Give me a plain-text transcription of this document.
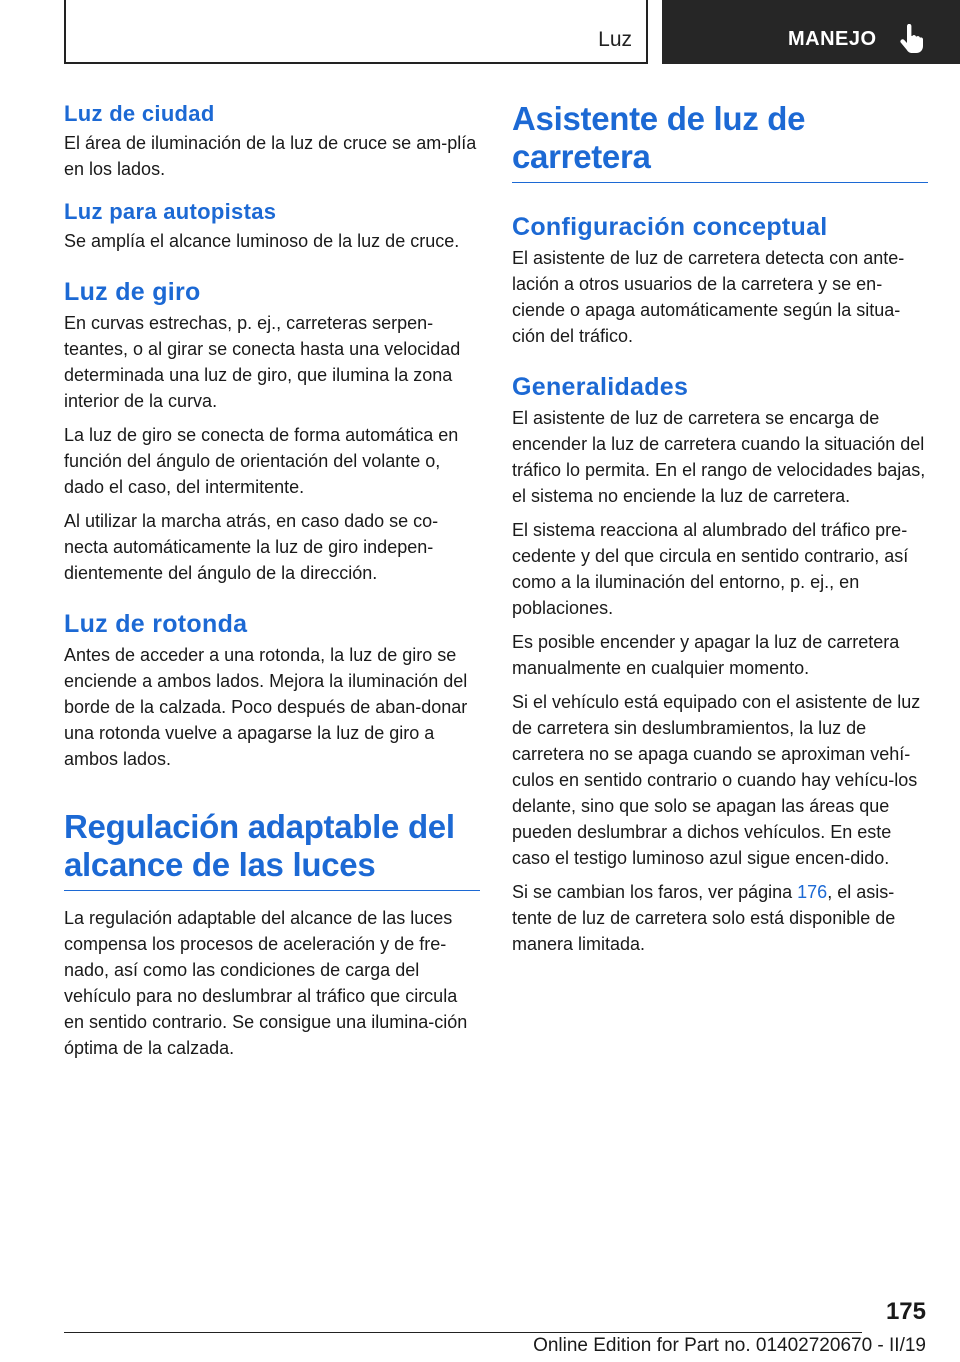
Luz	MANEJO
Luz de ciudad

El área de iluminación de la luz de cruce se am-plía en los lados.

Luz para autopistas

Se amplía el alcance luminoso de la luz de cruce.

Luz de giro

En curvas estrechas, p. ej., carreteras serpen-teantes, o al girar se conecta hasta una velocidad determinada una luz de giro, que ilumina la zona interior de la curva.

La luz de giro se conecta de forma automática en función del ángulo de orientación del volante o, dado el caso, del intermitente.

Al utilizar la marcha atrás, en caso dado se co-necta automáticamente la luz de giro indepen-dientemente del ángulo de la dirección.

Luz de rotonda

Antes de acceder a una rotonda, la luz de giro se enciende a ambos lados. Mejora la iluminación del borde de la calzada. Poco después de aban-donar una rotonda vuelve a apagarse la luz de giro a ambos lados.

Regulación adaptable del alcance de las luces

La regulación adaptable del alcance de las luces compensa los procesos de aceleración y de fre-nado, así como las condiciones de carga del vehículo para no deslumbrar al tráfico que circula en sentido contrario. Se consigue una ilumina-ción óptima de la calzada.

Asistente de luz de carretera
Configuración conceptual

El asistente de luz de carretera detecta con ante-lación a otros usuarios de la carretera y se en-ciende o apaga automáticamente según la situa-ción del tráfico.

Generalidades

El asistente de luz de carretera se encarga de encender la luz de carretera cuando la situación del tráfico lo permita. En el rango de velocidades bajas, el sistema no enciende la luz de carretera.

El sistema reacciona al alumbrado del tráfico pre-cedente y del que circula en sentido contrario, así como a la iluminación del entorno, p. ej., en poblaciones.

Es posible encender y apagar la luz de carretera manualmente en cualquier momento.

Si el vehículo está equipado con el asistente de luz de carretera sin deslumbramientos, la luz de carretera no se apaga cuando se aproximan vehí-culos en sentido contrario o cuando hay vehícu-los delante, sino que solo se apagan las áreas que pueden deslumbrar a dichos vehículos. En este caso el testigo luminoso azul sigue encen-dido.

Si se cambian los faros, ver página 176, el asis-tente de luz de carretera solo está disponible de manera limitada.

175
Online Edition for Part no. 01402720670 - II/19
